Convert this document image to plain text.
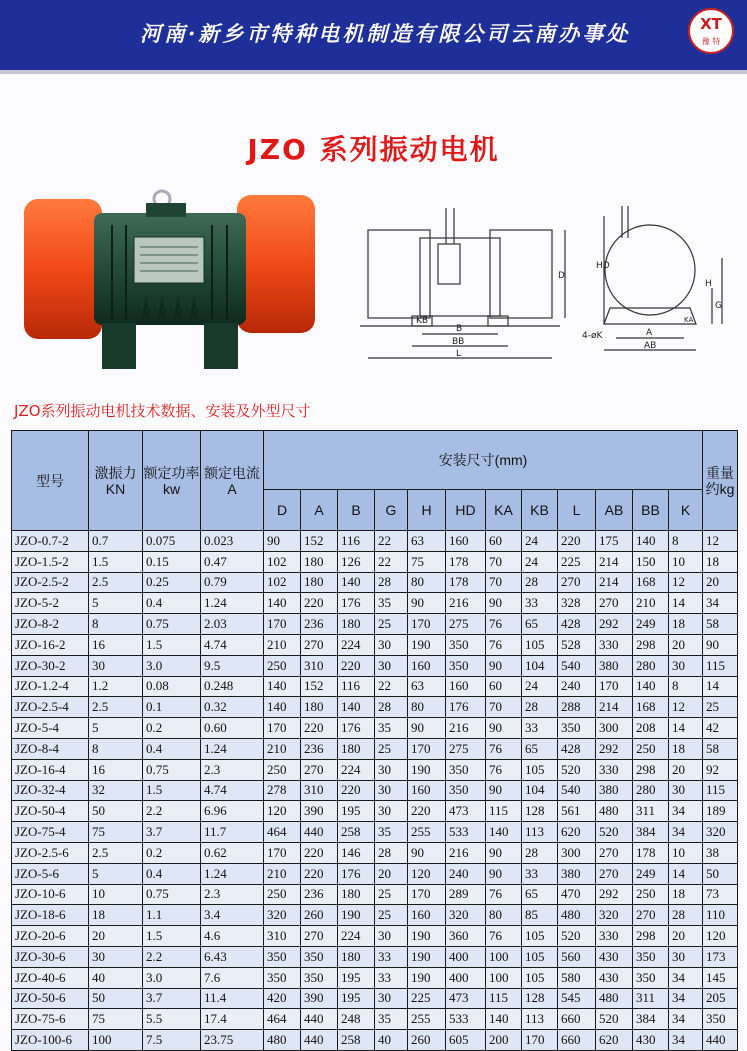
河南·新乡市特种电机制造有限公司云南办事处	XT
豫 特
JZO 系列振动电机
KB
B
BB
L
D
HD
H
G
4-øK	A
AB
KA
JZO系列振动电机技术数据、安装及外型尺寸
型号	激振力KN	额定功率kw	额定电流A	安装尺寸(mm)												重量约kg
				D	A	B	G	H	HD	KA	KB	L	AB	BB	K	
JZO-0.7-2	0.7	0.075	0.023	90	152	116	22	63	160	60	24	220	175	140	8	12
JZO-1.5-2	1.5	0.15	0.47	102	180	126	22	75	178	70	24	225	214	150	10	18
JZO-2.5-2	2.5	0.25	0.79	102	180	140	28	80	178	70	28	270	214	168	12	20
JZO-5-2	5	0.4	1.24	140	220	176	35	90	216	90	33	328	270	210	14	34
JZO-8-2	8	0.75	2.03	170	236	180	25	170	275	76	65	428	292	249	18	58
JZO-16-2	16	1.5	4.74	210	270	224	30	190	350	76	105	528	330	298	20	90
JZO-30-2	30	3.0	9.5	250	310	220	30	160	350	90	104	540	380	280	30	115
JZO-1.2-4	1.2	0.08	0.248	140	152	116	22	63	160	60	24	240	170	140	8	14
JZO-2.5-4	2.5	0.1	0.32	140	180	140	28	80	176	70	28	288	214	168	12	25
JZO-5-4	5	0.2	0.60	170	220	176	35	90	216	90	33	350	300	208	14	42
JZO-8-4	8	0.4	1.24	210	236	180	25	170	275	76	65	428	292	250	18	58
JZO-16-4	16	0.75	2.3	250	270	224	30	190	350	76	105	520	330	298	20	92
JZO-32-4	32	1.5	4.74	278	310	220	30	160	350	90	104	540	380	280	30	115
JZO-50-4	50	2.2	6.96	120	390	195	30	220	473	115	128	561	480	311	34	189
JZO-75-4	75	3.7	11.7	464	440	258	35	255	533	140	113	620	520	384	34	320
JZO-2.5-6	2.5	0.2	0.62	170	220	146	28	90	216	90	28	300	270	178	10	38
JZO-5-6	5	0.4	1.24	210	220	176	20	120	240	90	33	380	270	249	14	50
JZO-10-6	10	0.75	2.3	250	236	180	25	170	289	76	65	470	292	250	18	73
JZO-18-6	18	1.1	3.4	320	260	190	25	160	320	80	85	480	320	270	28	110
JZO-20-6	20	1.5	4.6	310	270	224	30	190	360	76	105	520	330	298	20	120
JZO-30-6	30	2.2	6.43	350	350	180	33	190	400	100	105	560	430	350	30	173
JZO-40-6	40	3.0	7.6	350	350	195	33	190	400	100	105	580	430	350	34	145
JZO-50-6	50	3.7	11.4	420	390	195	30	225	473	115	128	545	480	311	34	205
JZO-75-6	75	5.5	17.4	464	440	248	35	255	533	140	113	660	520	384	34	350
JZO-100-6	100	7.5	23.75	480	440	258	40	260	605	200	170	660	620	430	34	440
